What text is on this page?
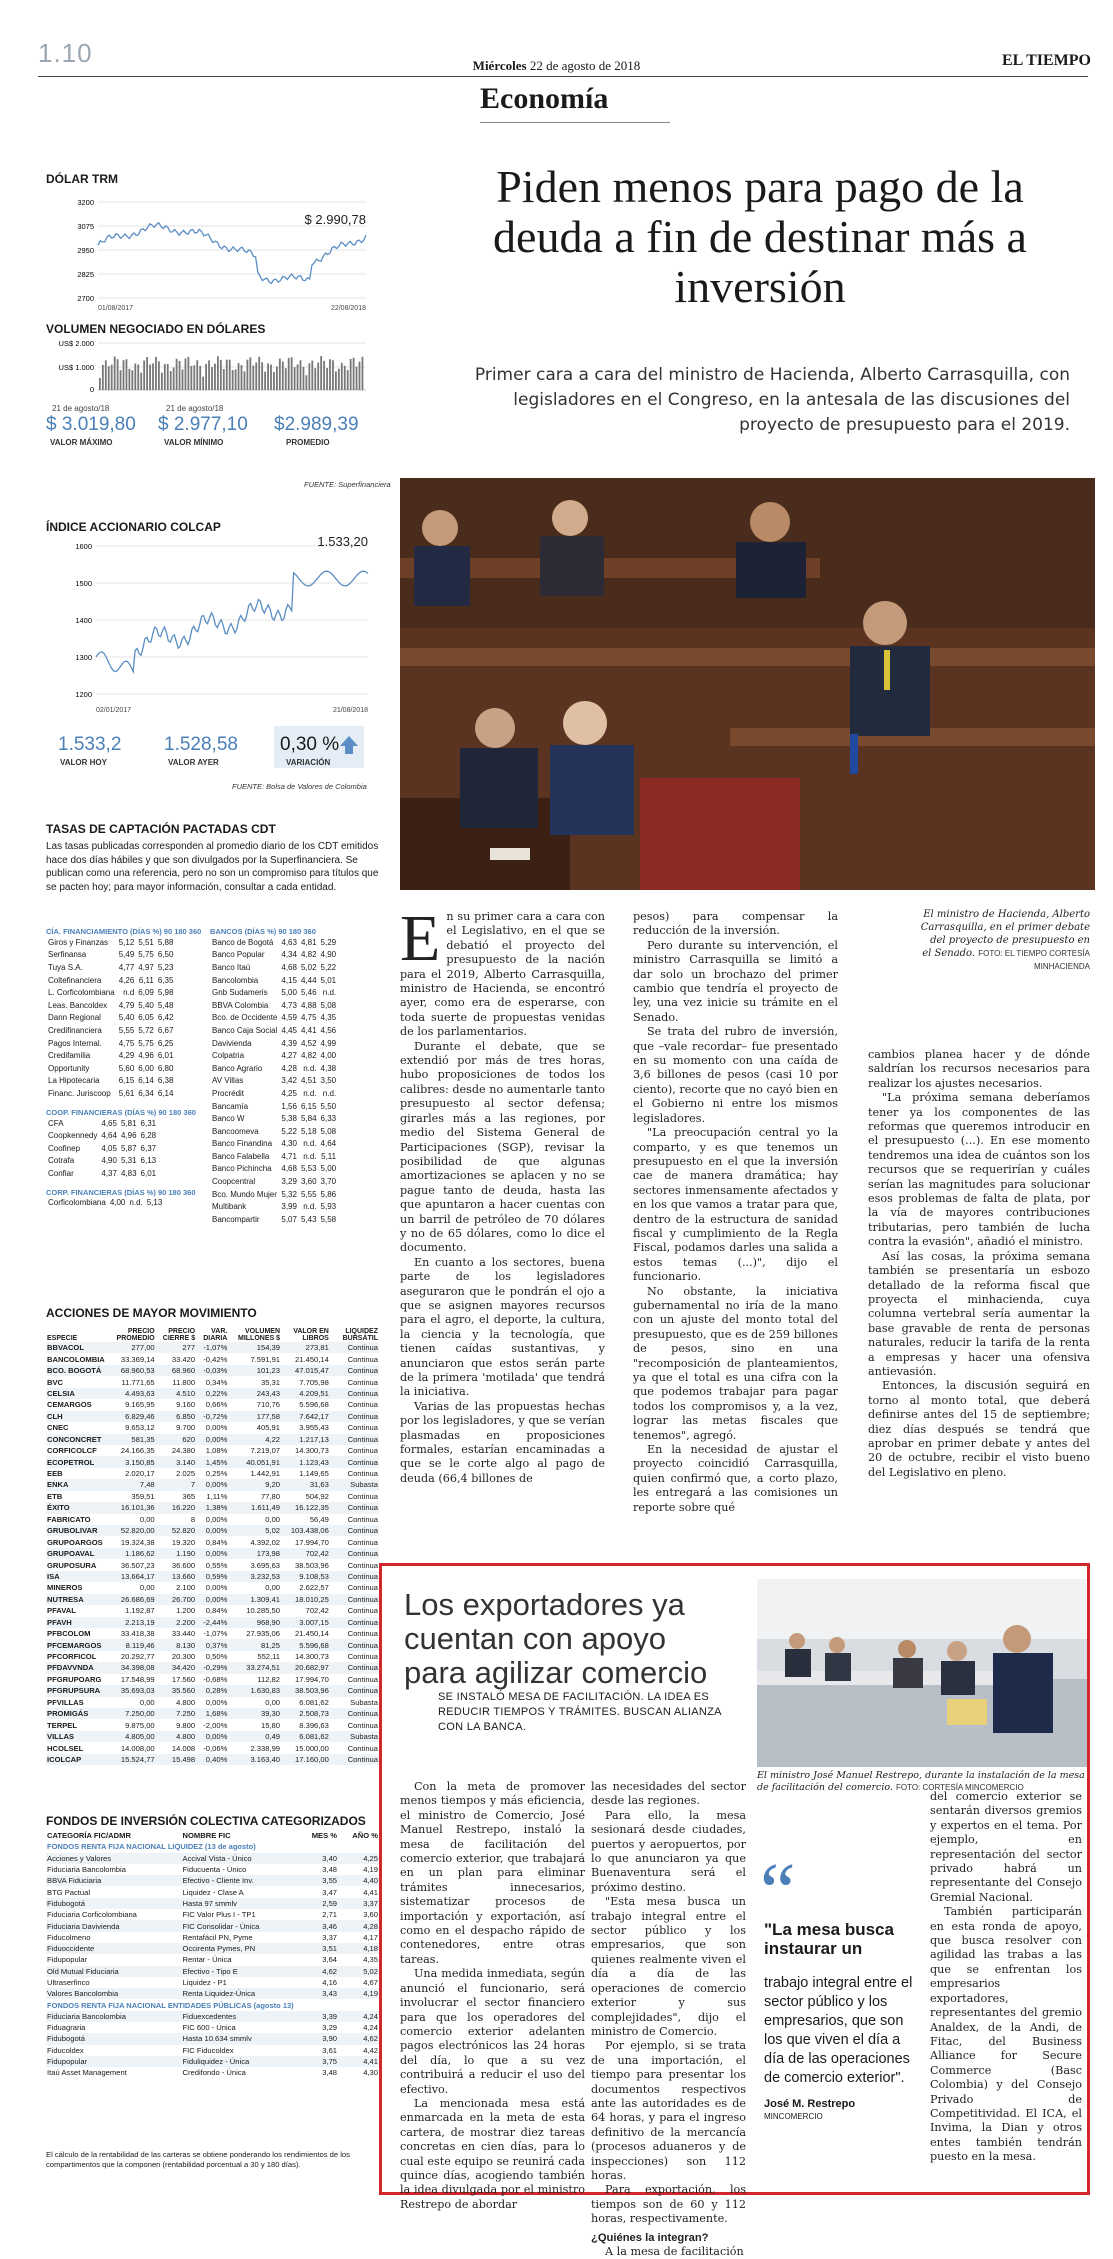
1.10	Miércoles 22 de agosto de 2018	EL TIEMPO
Economía
DÓLAR TRM
3200
3075
2950
2825
2700
$ 2.990,78
01/08/2017	22/08/2018
VOLUMEN NEGOCIADO EN DÓLARES
US$ 2.000
US$ 1.000
0
21 de agosto/18
$ 3.019,80
VALOR MÁXIMO
21 de agosto/18
$ 2.977,10
VALOR MÍNIMO
$2.989,39
PROMEDIO
FUENTE: Superfinanciera
ÍNDICE ACCIONARIO COLCAP
1600
1500
1400
1300
1200
1.533,20
02/01/2017	21/08/2018
1.533,2
VALOR HOY
1.528,58
VALOR AYER
0,30 %
VARIACIÓN
FUENTE: Bolsa de Valores de Colombia
TASAS DE CAPTACIÓN PACTADAS CDT
Las tasas publicadas corresponden al promedio diario de los CDT emitidos hace dos días hábiles y que son divulgados por la Superfinanciera. Se publican como una referencia, pero no son un compromiso para títulos que se pacten hoy; para mayor información, consultar a cada entidad.
CÍA. FINANCIAMIENTO (DÍAS %) 90 180 360
Giros y Finanzas	5,12	5,51	5,88
Serfinansa	5,49	5,75	6,50
Tuya S.A.	4,77	4,97	5,23
Coltefinanciera	4,26	6,11	6,35
L. Corficolombiana	n.d	6,09	5,98
Leas. Bancoldex	4,79	5,40	5,48
Dann Regional	5,40	6,05	6,42
Credifinanciera	5,55	5,72	6,67
Pagos Internal.	4,75	5,75	6,25
Credifamilia	4,29	4,96	6,01
Opportunity	5,60	6,00	6,80
La Hipotecaria	6,15	6,14	6,38
Financ. Juriscoop	5,61	6,34	6,14
COOP. FINANCIERAS (DÍAS %) 90 180 360
CFA	4,65	5,81	6,31
Coopkennedy	4,64	4,96	6,28
Coofinep	4,05	5,87	6,37
Cotrafa	4,90	5,31	6,13
Confiar	4,37	4,83	6,01
CORP. FINANCIERAS (DÍAS %) 90 180 360
Corficolombiana	4,00	n.d.	5,13
BANCOS (DÍAS %) 90 180 360
Banco de Bogotá	4,63	4,81	5,29
Banco Popular	4,34	4,82	4,90
Banco Itaú	4,68	5,02	5,22
Bancolombia	4,15	4,44	5,01
Gnb Sudameris	5,00	5,46	n.d.
BBVA Colombia	4,73	4,88	5,08
Bco. de Occidente	4,59	4,75	4,35
Banco Caja Social	4,45	4,41	4,56
Davivienda	4,39	4,52	4,99
Colpatria	4,27	4,82	4,00
Banco Agrario	4,28	n.d.	4,38
AV Villas	3,42	4,51	3,50
Procrédit	4,25	n.d.	n.d.
Bancamía	1,56	6,15	5,50
Banco W	5,38	5,84	6,33
Bancoomeva	5,22	5,18	5,08
Banco Finandina	4,30	n.d.	4,64
Banco Falabella	4,71	n.d.	5,11
Banco Pichincha	4,68	5,53	5,00
Coopcentral	3,29	3,60	3,70
Bco. Mundo Mujer	5,32	5,55	5,86
Multibank	3,99	n.d.	5,93
Bancompartir	5,07	5,43	5,58
ACCIONES DE MAYOR MOVIMIENTO
ESPECIE	PRECIO PROMEDIO	PRECIO CIERRE $	VAR. DIARIA	VOLUMEN MILLONES $	VALOR EN LIBROS	LIQUIDEZ BURSÁTIL
BBVACOL	277,00	277	-1,07%	154,39	273,81	Continua
BANCOLOMBIA	33.369,14	33.420	-0,42%	7.591,91	21.450,14	Continua
BCO. BOGOTÁ	68.960,53	68.960	-0,03%	101,23	47.015,47	Continua
BVC	11.771,65	11.800	0,34%	35,31	7.705,98	Continua
CELSIA	4.493,63	4.510	0,22%	243,43	4.209,51	Continua
CEMARGOS	9.165,95	9.160	0,66%	710,76	5.596,68	Continua
CLH	6.829,46	6.850	-0,72%	177,58	7.642,17	Continua
CNEC	9.653,12	9.700	0,00%	405,91	3.955,43	Continua
CONCONCRET	581,35	620	0,00%	4,22	1.217,13	Continua
CORFICOLCF	24.166,35	24.380	1,08%	7.219,07	14.300,73	Continua
ECOPETROL	3.150,85	3.140	1,45%	40.051,91	1.123,43	Continua
EEB	2.020,17	2.025	0,25%	1.442,91	1.149,65	Continua
ENKA	7,48	7	0,00%	9,20	31,63	Subasta
ETB	359,51	365	1,11%	77,80	504,92	Continua
ÉXITO	16.101,36	16.220	1,38%	1.611,49	16.122,35	Continua
FABRICATO	0,00	8	0,00%	0,00	56,49	Continua
GRUBOLIVAR	52.820,00	52.820	0,00%	5,02	103.438,06	Continua
GRUPOARGOS	19.324,38	19.320	0,84%	4.392,02	17.994,70	Continua
GRUPOAVAL	1.186,62	1.190	0,00%	173,98	702,42	Continua
GRUPOSURA	36.507,23	36.600	0,55%	3.695,63	38.503,96	Continua
ISA	13.664,17	13.660	0,59%	3.232,53	9.108,53	Continua
MINEROS	0,00	2.100	0,00%	0,00	2.622,57	Continua
NUTRESA	26.686,69	26.700	0,00%	1.309,41	18.010,25	Continua
PFAVAL	1.192,87	1.200	0,84%	10.285,50	702,42	Continua
PFAVH	2.213,19	2.200	-2,44%	968,90	3.007,15	Continua
PFBCOLOM	33.418,38	33.440	-1,07%	27.935,06	21.450,14	Continua
PFCEMARGOS	8.119,46	8.130	0,37%	81,25	5.596,68	Continua
PFCORFICOL	20.292,77	20.300	0,50%	552,11	14.300,73	Continua
PFDAVVNDA	34.398,08	34.420	-0,29%	33.274,51	20.682,97	Continua
PFGRUPOARG	17.548,99	17.560	-0,68%	112,82	17.994,70	Continua
PFGRUPSURA	35.693,03	35.560	0,28%	1.630,83	38.503,96	Continua
PFVILLAS	0,00	4.800	0,00%	0,00	6.081,62	Subasta
PROMIGÁS	7.250,00	7.250	1,68%	39,30	2.508,73	Continua
TERPEL	9.875,00	9.800	-2,00%	15,80	8.396,63	Continua
VILLAS	4.805,00	4.800	0,00%	0,49	6.081,62	Subasta
HCOLSEL	14.008,00	14.008	-0,06%	2.338,99	15.000,00	Continua
ICOLCAP	15.524,77	15.498	0,40%	3.163,40	17.160,00	Continua
FONDOS DE INVERSIÓN COLECTIVA CATEGORIZADOS
CATEGORÍA FIC/ADMR	NOMBRE FIC	MES %	AÑO %
FONDOS RENTA FIJA NACIONAL LIQUIDEZ (13 de agosto)			
Acciones y Valores	Accival Vista - Único	3,40	4,25
Fiduciaria Bancolombia	Fiducuenta - Único	3,48	4,19
BBVA Fiduciaria	Efectivo - Cliente Inv.	3,55	4,40
BTG Pactual	Liquidez - Clase A	3,47	4,41
Fidubogotá	Hasta 97 smmlv	2,59	3,37
Fiduciaria Corficolombiana	FIC Valor Plus I - TP1	2,71	3,60
Fiduciaria Davivienda	FIC Consolidar - Única	3,46	4,28
Fiducolmeno	Rentafácil PN, Pyme	3,37	4,17
Fiduoccidente	Occirenta Pymes, PN	3,51	4,18
Fidupopular	Rentar - Única	3,64	4,35
Old Mutual Fiduciaria	Efectivo - Tipo E	4,62	5,02
Ultraserfinco	Liquidez - P1	4,16	4,67
Valores Bancolombia	Renta Liquidez-Única	3,43	4,19
FONDOS RENTA FIJA NACIONAL ENTIDADES PÚBLICAS (agosto 13)			
Fiduciaria Bancolombia	Fiduexcedentes	3,39	4,24
Fiduagraria	FIC 600 - Única	3,29	4,24
Fidubogotá	Hasta 10.634 smmlv	3,90	4,62
Fiducoldex	FIC Fiducoldex	3,61	4,42
Fidupopular	Fiduliquidez - Única	3,75	4,41
Itaú Asset Management	Credifondo - Única	3,48	4,30
El cálculo de la rentabilidad de las carteras se obtiene ponderando los rendimientos de los compartimentos que la componen (rentabilidad porcentual a 30 y 180 días).
Piden menos para pago de la deuda a fin de destinar más a inversión
Primer cara a cara del ministro de Hacienda, Alberto Carrasquilla, con legisladores en el Congreso, en la antesala de las discusiones del proyecto de presupuesto para el 2019.
El ministro de Hacienda, Alberto Carrasquilla, en el primer debate del proyecto de presupuesto en el Senado. FOTO: EL TIEMPO CORTESÍA MINHACIENDA
E n su primer cara a cara con el Legislativo, en el que se debatió el proyecto del presupuesto de la nación para el 2019, Alberto Carrasquilla, ministro de Hacienda, se encontró ayer, como era de esperarse, con toda suerte de propuestas venidas de los parlamentarios.

Durante el debate, que se extendió por más de tres horas, hubo proposiciones de todos los calibres: desde no aumentarle tanto presupuesto al sector defensa; girarles más a las regiones, por medio del Sistema General de Participaciones (SGP), revisar la posibilidad de que algunas amortizaciones se aplacen y no se pague tanto de deuda, hasta las que apuntaron a hacer cuentas con un barril de petróleo de 70 dólares y no de 65 dólares, como lo dice el documento.

En cuanto a los sectores, buena parte de los legisladores aseguraron que le pondrán el ojo a que se asignen mayores recursos para el agro, el deporte, la cultura, la ciencia y la tecnología, que tienen caídas sustantivas, y anunciaron que estos serán parte de la primera 'motilada' que tendrá la iniciativa.

Varias de las propuestas hechas por los legisladores, y que se verían plasmadas en proposiciones formales, estarían encaminadas a que se le corte algo al pago de deuda (66,4 billones de

pesos) para compensar la reducción de la inversión.

Pero durante su intervención, el ministro Carrasquilla se limitó a dar solo un brochazo del primer cambio que tendría el proyecto de ley, una vez inicie su trámite en el Senado.

Se trata del rubro de inversión, que –vale recordar– fue presentado en su momento con una caída de 3,6 billones de pesos (casi 10 por ciento), recorte que no cayó bien en el Gobierno ni entre los mismos legisladores.

"La preocupación central yo la comparto, y es que tenemos un presupuesto en el que la inversión cae de manera dramática; hay sectores inmensamente afectados y en los que vamos a tratar para que, dentro de la estructura de sanidad fiscal y cumplimiento de la Regla Fiscal, podamos darles una salida a estos temas (...)", dijo el funcionario.

No obstante, la iniciativa gubernamental no iría de la mano con un ajuste del monto total del presupuesto, que es de 259 billones de pesos, sino en una "recomposición de planteamientos, ya que el total es una cifra con la que podemos trabajar para pagar todos los compromisos y, a la vez, lograr las metas fiscales que tenemos", agregó.

En la necesidad de ajustar el proyecto coincidió Carrasquilla, quien confirmó que, a corto plazo, les entregará a las comisiones un reporte sobre qué

cambios planea hacer y de dónde saldrían los recursos necesarios para realizar los ajustes necesarios.

"La próxima semana deberíamos tener ya los componentes de las reformas que queremos introducir en el presupuesto (...). En ese momento tendremos una idea de cuántos son los recursos que se requerirían y cuáles serían las magnitudes para solucionar esos problemas de falta de plata, por la vía de mayores contribuciones tributarias, pero también de lucha contra la evasión", añadió el ministro.

Así las cosas, la próxima semana también se presentaría un esbozo detallado de la reforma fiscal que proyecta el minhacienda, cuya columna vertebral sería aumentar la base gravable de renta de personas naturales, reducir la tarifa de la renta a empresas y hacer una ofensiva antievasión.

Entonces, la discusión seguirá en torno al monto total, que deberá definirse antes del 15 de septiembre; diez días después se tendrá que aprobar en primer debate y antes del 20 de octubre, recibir el visto bueno del Legislativo en pleno.

Los exportadores ya cuentan con apoyo para agilizar comercio
SE INSTALÓ MESA DE FACILITACIÓN. LA IDEA ES REDUCIR TIEMPOS Y TRÁMITES. BUSCAN ALIANZA CON LA BANCA.
El ministro José Manuel Restrepo, durante la instalación de la mesa de facilitación del comercio. FOTO: CORTESÍA MINCOMERCIO

Con la meta de promover menos tiempos y más eficiencia, el ministro de Comercio, José Manuel Restrepo, instaló la mesa de facilitación del comercio exterior, que trabajará en un plan para eliminar trámites innecesarios, sistematizar procesos de importación y exportación, así como en el despacho rápido de contenedores, entre otras tareas.

Una medida inmediata, según anunció el funcionario, será involucrar el sector financiero para que los operadores del comercio exterior adelanten pagos electrónicos las 24 horas del día, lo que a su vez contribuirá a reducir el uso del efectivo.

La mencionada mesa está enmarcada en la meta de esta cartera, de mostrar diez tareas concretas en cien días, para lo cual este equipo se reunirá cada quince días, acogiendo también la idea divulgada por el ministro Restrepo de abordar

las necesidades del sector desde las regiones.

Para ello, la mesa sesionará desde ciudades, puertos y aeropuertos, por lo que anunciaron ya que Buenaventura será el próximo destino.

"Esta mesa busca un trabajo integral entre el sector público y los empresarios, que son quienes realmente viven el día a día de las operaciones de comercio exterior y sus complejidades", dijo el ministro de Comercio.

Por ejemplo, si se trata de una importación, el tiempo para presentar los documentos respectivos ante las autoridades es de 64 horas, y para el ingreso definitivo de la mercancía (procesos aduaneros y de inspecciones) son 112 horas.

Para exportación, los tiempos son de 60 y 112 horas, respectivamente.

¿Quiénes la integran?

A la mesa de facilitación

“
"La mesa busca instaurar un
trabajo integral entre el sector público y los empresarios, que son los que viven el día a día de las operaciones de comercio exterior".
José M. Restrepo
MINCOMERCIO

del comercio exterior se sentarán diversos gremios y expertos en el tema. Por ejemplo, en representación del sector privado habrá un representante del Consejo Gremial Nacional.

También participarán en esta ronda de apoyo, que busca resolver con agilidad las trabas a las que se enfrentan los empresarios exportadores, representantes del gremio Analdex, de la Andi, de Fitac, del Business Alliance for Secure Commerce (Basc Colombia) y del Consejo Privado de Competitividad. El ICA, el Invima, la Dian y otros entes también tendrán puesto en la mesa.
